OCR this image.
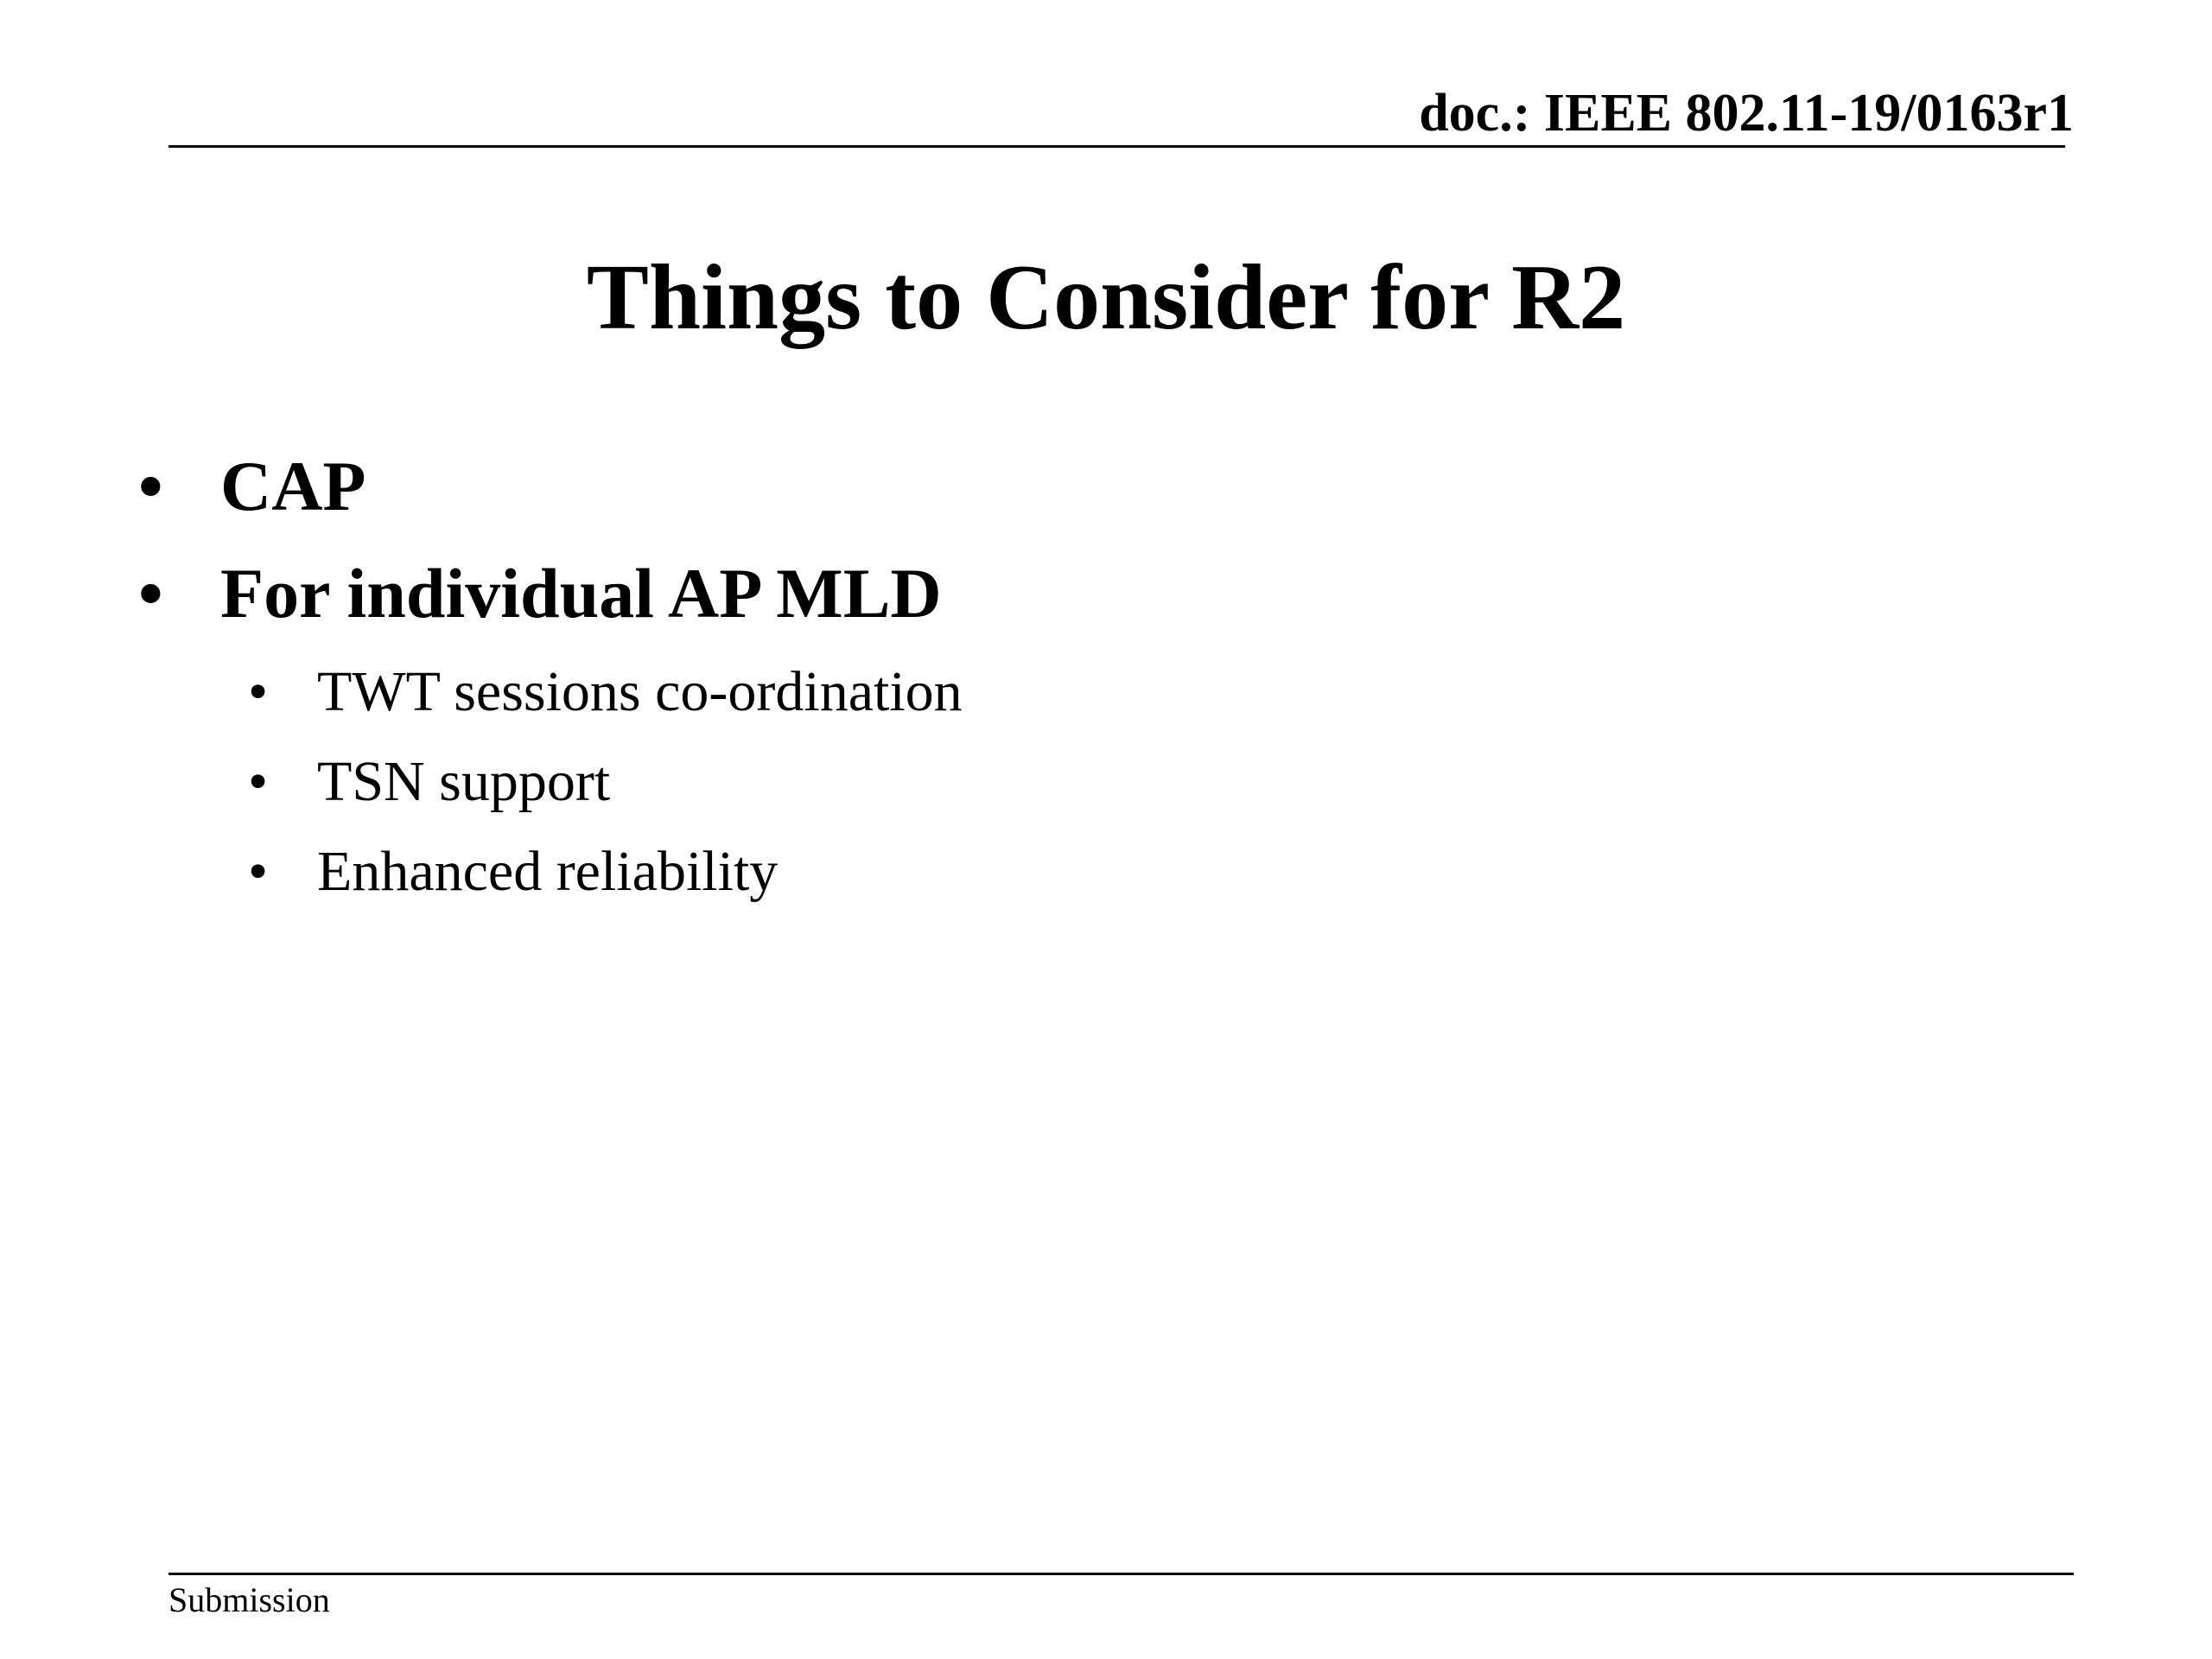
doc.: IEEE 802.11-19/0163r1
Things to Consider for R2
• CAP
• For individual AP MLD
• TWT sessions co-ordination
• TSN support
• Enhanced reliability
Submission
